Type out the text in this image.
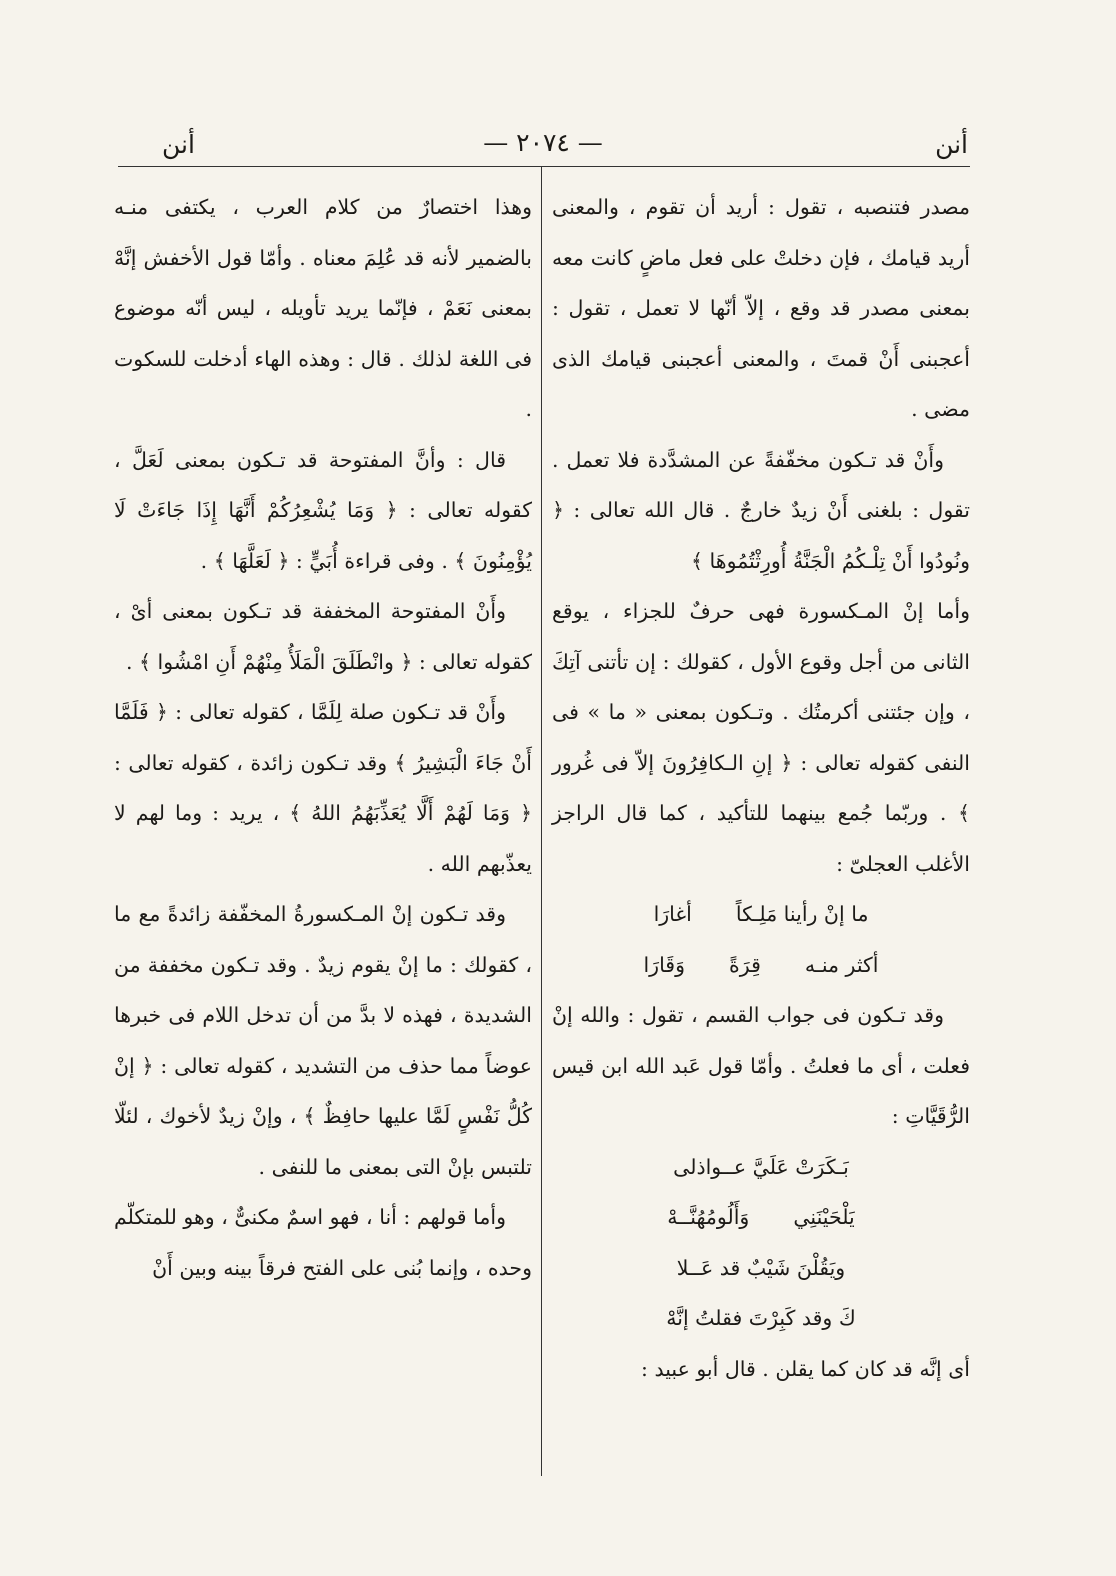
أنن
— ٢٠٧٤ —
أنن

مصدر فتنصبه ، تقول : أريد أن تقوم ، والمعنى أريد قيامك ، فإن دخلتْ على فعل ماضٍ كانت معه بمعنى مصدر قد وقع ، إلاّ أنّها لا تعمل ، تقول : أعجبنى أَنْ قمتَ ، والمعنى أعجبنى قيامك الذى مضى .

وأَنْ قد تـكون مخفّفةً عن المشدَّدة فلا تعمل . تقول : بلغنى أَنْ زيدٌ خارجٌ . قال الله تعالى : ﴿ ونُودُوا أَنْ تِلْـكُمُ الْجَنَّةُ أُورِثْتُمُوهَا ﴾

وأما إنْ المـكسورة فهى حرفٌ للجزاء ، يوقع الثانى من أجل وقوع الأول ، كقولك : إن تأتنى آتِكَ ، وإن جئتنى أكرمتُك . وتـكون بمعنى « ما » فى النفى كقوله تعالى : ﴿ إنِ الـكافِرُونَ إلاّ فى غُرور ﴾ . وربّما جُمع بينهما للتأكيد ، كما قال الراجز الأغلب العجلىّ :

ما إنْ رأينا مَلِـكاًأغارَا

أكثر منـهقِرَةًوَقَارَا

وقد تـكون فى جواب القسم ، تقول : والله إنْ فعلت ، أى ما فعلتُ . وأمّا قول عَبد الله ابن قيس الرُّقَيَّاتِ :

بَـكَرَتْ عَلَيَّ عــواذلى

يَلْحَيْنَنِيوَأَلُومُهُنَّــهْ

ويَقُلْنَ شَيْبٌ قد عَــلا

كَ وقد كَبِرْتَ فقلتُ إنَّهْ

أى إنَّه قد كان كما يقلن . قال أبو عبيد :

وهذا اختصارٌ من كلام العرب ، يكتفى منـه بالضمير لأنه قد عُلِمَ معناه . وأمّا قول الأخفش إنَّهْ بمعنى نَعَمْ ، فإنّما يريد تأويله ، ليس أنّه موضوع فى اللغة لذلك . قال : وهذه الهاء أدخلت للسكوت .

قال : وأنَّ المفتوحة قد تـكون بمعنى لَعَلَّ ، كقوله تعالى : ﴿ وَمَا يُشْعِرُكُمْ أَنَّهَا إِذَا جَاءَتْ لَا يُؤْمِنُونَ ﴾ . وفى قراءة أُبَيٍّ : ﴿ لَعَلَّهَا ﴾ .

وأَنْ المفتوحة المخففة قد تـكون بمعنى أىْ ، كقوله تعالى : ﴿ وانْطَلَقَ الْمَلَأُ مِنْهُمْ أَنِ امْشُوا ﴾ .

وأَنْ قد تـكون صلة لِلَمَّا ، كقوله تعالى : ﴿ فَلَمَّا أَنْ جَاءَ الْبَشِيرُ ﴾ وقد تـكون زائدة ، كقوله تعالى : ﴿ وَمَا لَهُمْ أَلَّا يُعَذِّبَهُمُ اللهُ ﴾ ، يريد : وما لهم لا يعذّبهم الله .

وقد تـكون إنْ المـكسورةُ المخفّفة زائدةً مع ما ، كقولك : ما إنْ يقوم زيدٌ . وقد تـكون مخففة من الشديدة ، فهذه لا بدَّ من أن تدخل اللام فى خبرها عوضاً مما حذف من التشديد ، كقوله تعالى : ﴿ إنْ كُلُّ نَفْسٍ لَمَّا عليها حافِظٌ ﴾ ، وإنْ زيدٌ لأخوك ، لئلّا تلتبس بإنْ التى بمعنى ما للنفى .

وأما قولهم : أنا ، فهو اسمٌ مكنىٌّ ، وهو للمتكلّم وحده ، وإنما بُنى على الفتح فرقاً بينه وبين أَنْ
